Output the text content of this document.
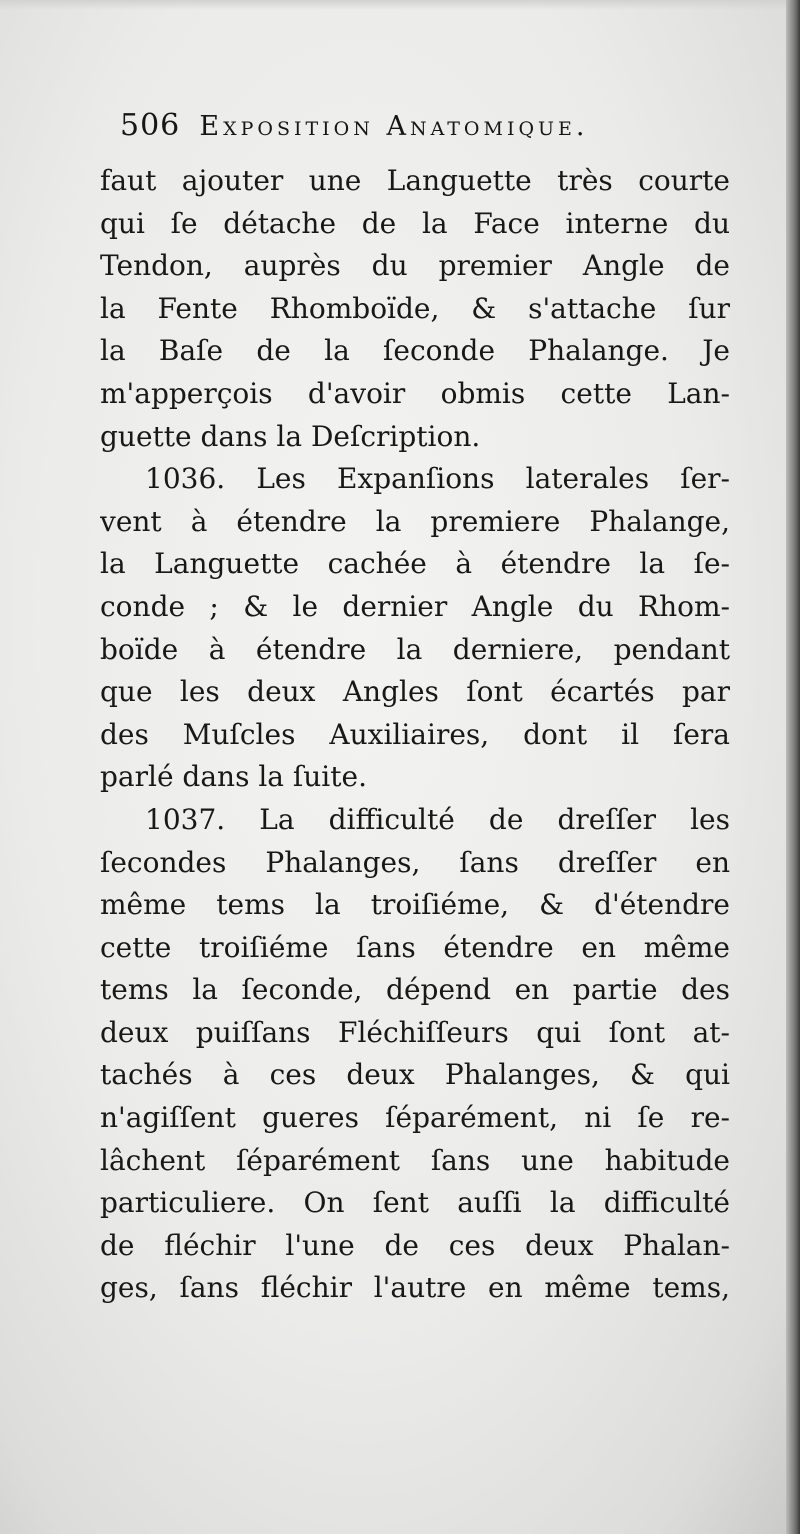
506 Exposition Anatomique.
faut ajouter une Languette très courte
qui ſe détache de la Face interne du
Tendon, auprès du premier Angle de
la Fente Rhomboïde, & s'attache ſur
la Baſe de la ſeconde Phalange. Je
m'apperçois d'avoir obmis cette Lan-
guette dans la Deſcription.
1036. Les Expanſions laterales ſer-
vent à étendre la premiere Phalange,
la Languette cachée à étendre la ſe-
conde ; & le dernier Angle du Rhom-
boïde à étendre la derniere, pendant
que les deux Angles ſont écartés par
des Muſcles Auxiliaires, dont il ſera
parlé dans la ſuite.
1037. La difficulté de dreſſer les
ſecondes Phalanges, ſans dreſſer en
même tems la troiſiéme, & d'étendre
cette troiſiéme ſans étendre en même
tems la ſeconde, dépend en partie des
deux puiſſans Fléchiſſeurs qui ſont at-
tachés à ces deux Phalanges, & qui
n'agiſſent gueres ſéparément, ni ſe re-
lâchent ſéparément ſans une habitude
particuliere. On ſent auſſi la difficulté
de fléchir l'une de ces deux Phalan-
ges, ſans fléchir l'autre en même tems,
